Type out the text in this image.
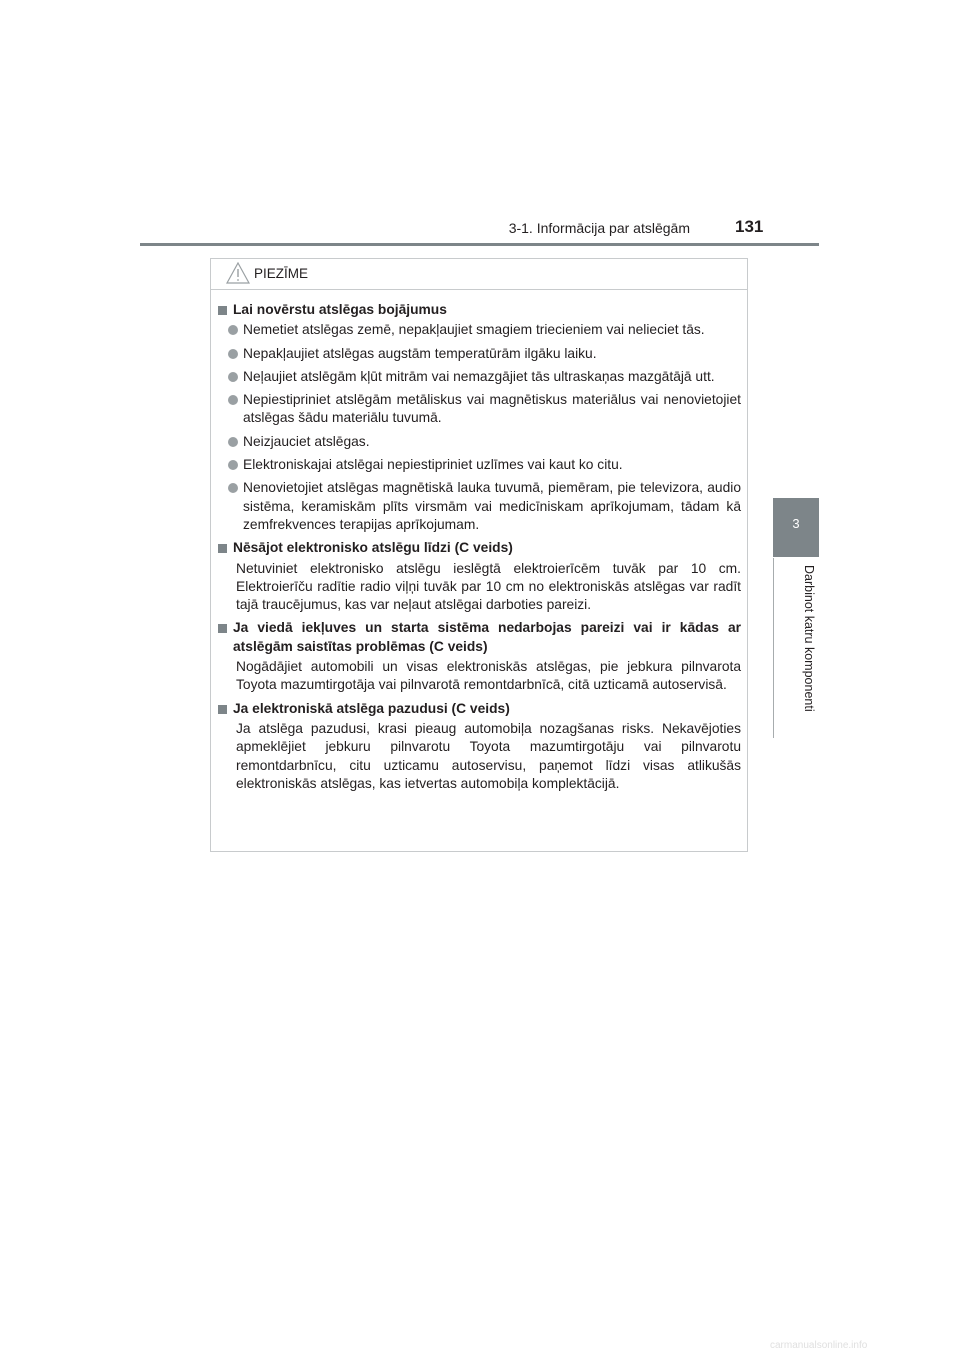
3-1. Informācija par atslēgām	131
3
Darbinot katru komponenti
PIEZĪME
Lai novērstu atslēgas bojājumus
Nemetiet atslēgas zemē, nepakļaujiet smagiem triecieniem vai nelieciet tās.
Nepakļaujiet atslēgas augstām temperatūrām ilgāku laiku.
Neļaujiet atslēgām kļūt mitrām vai nemazgājiet tās ultraskaņas mazgātājā utt.
Nepiestipriniet atslēgām metāliskus vai magnētiskus materiālus vai nenovietojiet atslēgas šādu materiālu tuvumā.
Neizjauciet atslēgas.
Elektroniskajai atslēgai nepiestipriniet uzlīmes vai kaut ko citu.
Nenovietojiet atslēgas magnētiskā lauka tuvumā, piemēram, pie televizora, audio sistēma, keramiskām plīts virsmām vai medicīniskam aprīkojumam, tādam kā zemfrekvences terapijas aprīkojumam.
Nēsājot elektronisko atslēgu līdzi (C veids)
Netuviniet elektronisko atslēgu ieslēgtā elektroierīcēm tuvāk par 10 cm. Elektroierīču radītie radio viļņi tuvāk par 10 cm no elektroniskās atslēgas var radīt tajā traucējumus, kas var neļaut atslēgai darboties pareizi.
Ja viedā iekļuves un starta sistēma nedarbojas pareizi vai ir kādas ar atslēgām saistītas problēmas (C veids)
Nogādājiet automobili un visas elektroniskās atslēgas, pie jebkura pilnvarota Toyota mazumtirgotāja vai pilnvarotā remontdarbnīcā, citā uzticamā autoservisā.
Ja elektroniskā atslēga pazudusi (C veids)
Ja atslēga pazudusi, krasi pieaug automobiļa nozagšanas risks. Nekavējoties apmeklējiet jebkuru pilnvarotu Toyota mazumtirgotāju vai pilnvarotu remontdarbnīcu, citu uzticamu autoservisu, paņemot līdzi visas atlikušās elektroniskās atslēgas, kas ietvertas automobiļa komplektācijā.
carmanualsonline.info
